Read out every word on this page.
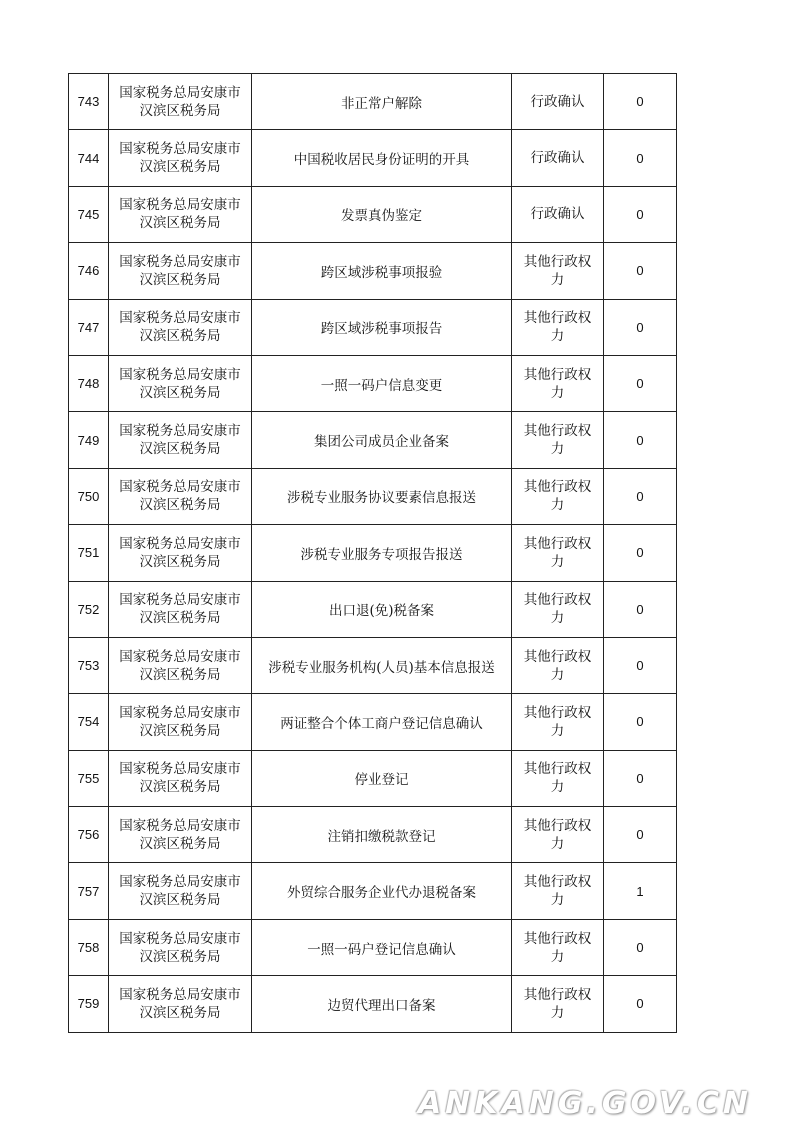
743	国家税务总局安康市汉滨区税务局	非正常户解除	行政确认	0
744	国家税务总局安康市汉滨区税务局	中国税收居民身份证明的开具	行政确认	0
745	国家税务总局安康市汉滨区税务局	发票真伪鉴定	行政确认	0
746	国家税务总局安康市汉滨区税务局	跨区域涉税事项报验	其他行政权力	0
747	国家税务总局安康市汉滨区税务局	跨区域涉税事项报告	其他行政权力	0
748	国家税务总局安康市汉滨区税务局	一照一码户信息变更	其他行政权力	0
749	国家税务总局安康市汉滨区税务局	集团公司成员企业备案	其他行政权力	0
750	国家税务总局安康市汉滨区税务局	涉税专业服务协议要素信息报送	其他行政权力	0
751	国家税务总局安康市汉滨区税务局	涉税专业服务专项报告报送	其他行政权力	0
752	国家税务总局安康市汉滨区税务局	出口退(免)税备案	其他行政权力	0
753	国家税务总局安康市汉滨区税务局	涉税专业服务机构(人员)基本信息报送	其他行政权力	0
754	国家税务总局安康市汉滨区税务局	两证整合个体工商户登记信息确认	其他行政权力	0
755	国家税务总局安康市汉滨区税务局	停业登记	其他行政权力	0
756	国家税务总局安康市汉滨区税务局	注销扣缴税款登记	其他行政权力	0
757	国家税务总局安康市汉滨区税务局	外贸综合服务企业代办退税备案	其他行政权力	1
758	国家税务总局安康市汉滨区税务局	一照一码户登记信息确认	其他行政权力	0
759	国家税务总局安康市汉滨区税务局	边贸代理出口备案	其他行政权力	0
ANKANG.GOV.CN
